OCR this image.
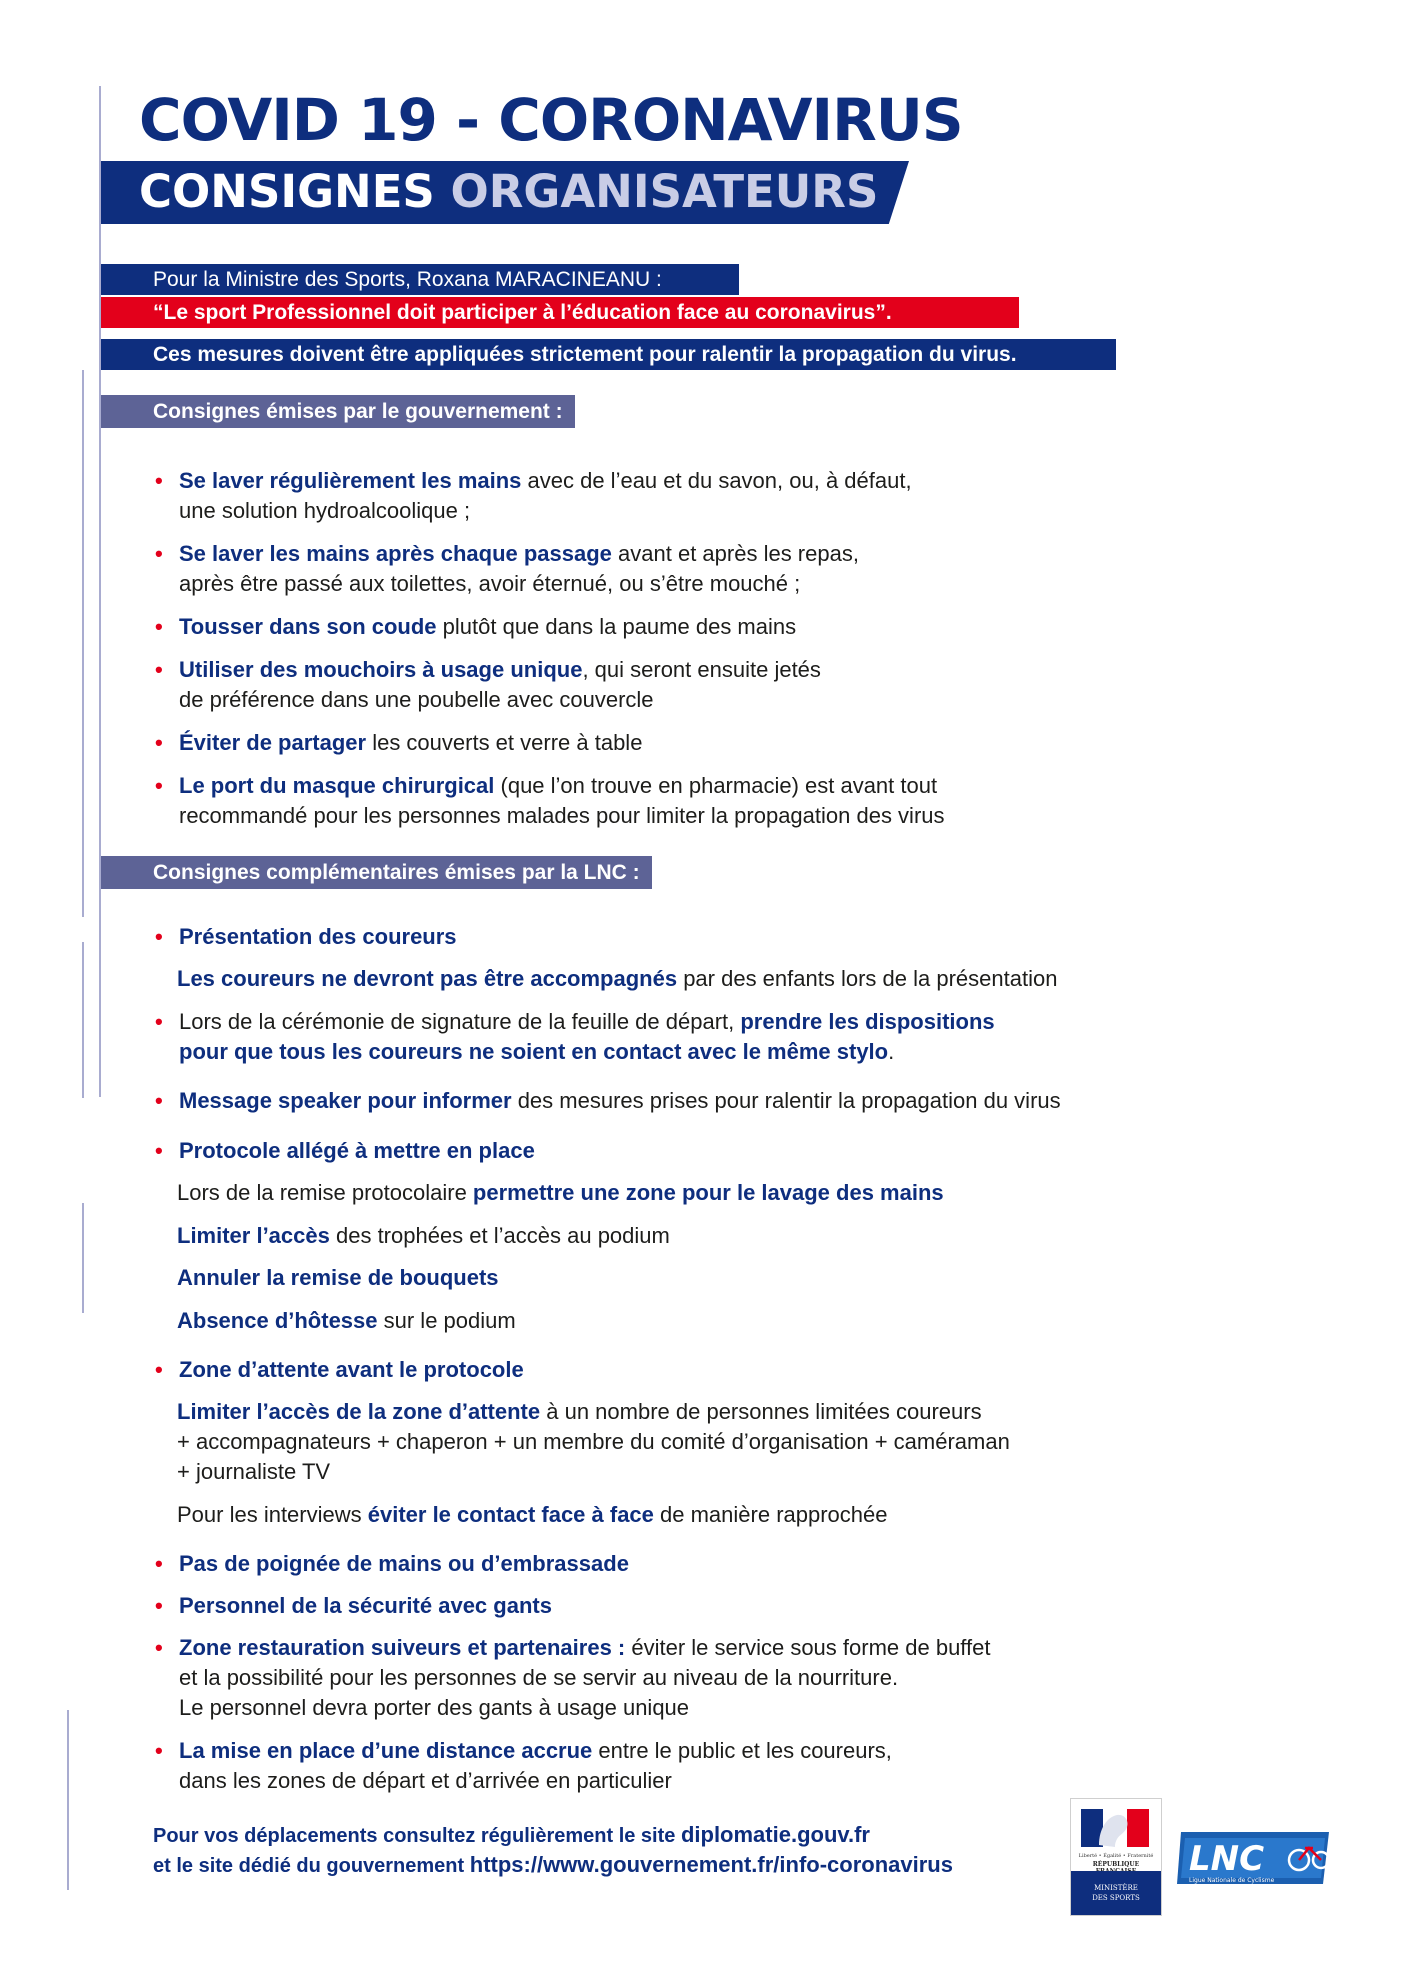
COVID 19 - CORONAVIRUS
CONSIGNES ORGANISATEURS
Pour la Ministre des Sports, Roxana MARACINEANU :
“Le sport Professionnel doit participer à l’éducation face au coronavirus”.
Ces mesures doivent être appliquées strictement pour ralentir la propagation du virus.
Consignes émises par le gouvernement :
• Se laver régulièrement les mains avec de l’eau et du savon, ou, à défaut,
une solution hydroalcoolique ;
• Se laver les mains après chaque passage avant et après les repas,
après être passé aux toilettes, avoir éternué, ou s’être mouché ;
• Tousser dans son coude plutôt que dans la paume des mains
• Utiliser des mouchoirs à usage unique, qui seront ensuite jetés
de préférence dans une poubelle avec couvercle
• Éviter de partager les couverts et verre à table
• Le port du masque chirurgical (que l’on trouve en pharmacie) est avant tout
recommandé pour les personnes malades pour limiter la propagation des virus
Consignes complémentaires émises par la LNC :
• Présentation des coureurs
Les coureurs ne devront pas être accompagnés par des enfants lors de la présentation
• Lors de la cérémonie de signature de la feuille de départ, prendre les dispositions
pour que tous les coureurs ne soient en contact avec le même stylo.
• Message speaker pour informer des mesures prises pour ralentir la propagation du virus
• Protocole allégé à mettre en place
Lors de la remise protocolaire permettre une zone pour le lavage des mains
Limiter l’accès des trophées et l’accès au podium
Annuler la remise de bouquets
Absence d’hôtesse sur le podium
• Zone d’attente avant le protocole
Limiter l’accès de la zone d’attente à un nombre de personnes limitées coureurs
+ accompagnateurs + chaperon + un membre du comité d’organisation + caméraman
+ journaliste TV
Pour les interviews éviter le contact face à face de manière rapprochée
• Pas de poignée de mains ou d’embrassade
• Personnel de la sécurité avec gants
• Zone restauration suiveurs et partenaires : éviter le service sous forme de buffet
et la possibilité pour les personnes de se servir au niveau de la nourriture.
Le personnel devra porter des gants à usage unique
• La mise en place d’une distance accrue entre le public et les coureurs,
dans les zones de départ et d’arrivée en particulier
Pour vos déplacements consultez régulièrement le site diplomatie.gouv.fr
et le site dédié du gouvernement https://www.gouvernement.fr/info-coronavirus	Liberté • Égalité • Fraternité
RÉPUBLIQUE
MINISTÈRE
DES SPORTS
LNC
Ligue Nationale de Cyclisme
